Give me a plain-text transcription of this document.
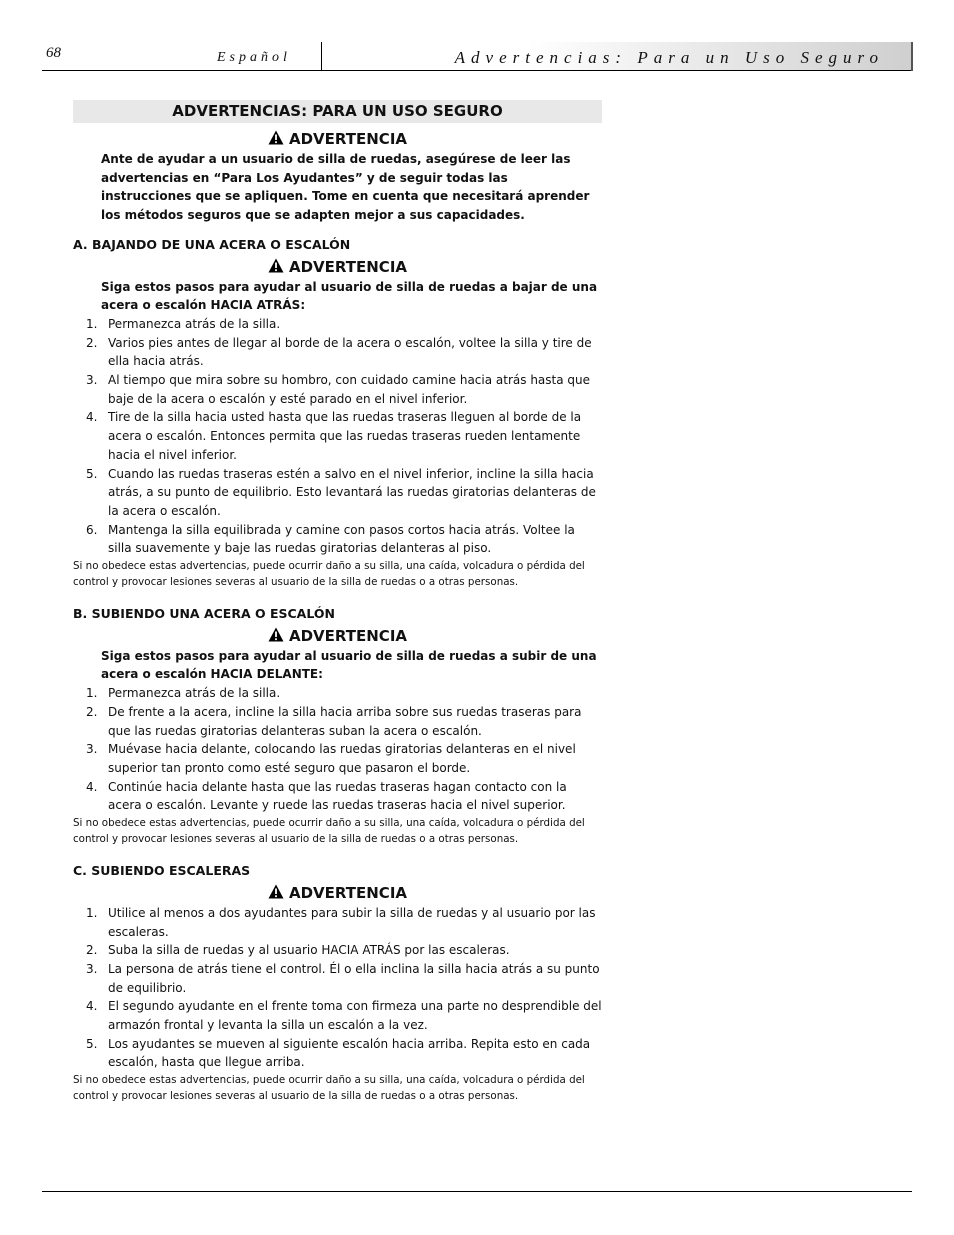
68	Español	Advertencias: Para un Uso Seguro
ADVERTENCIAS: PARA UN USO SEGURO
ADVERTENCIA
Ante de ayudar a un usuario de silla de ruedas, asegúrese de leer las advertencias en “Para Los Ayudantes” y de seguir todas las instrucciones que se apliquen. Tome en cuenta que necesitará aprender los métodos seguros que se adapten mejor a sus capacidades.
A. BAJANDO DE UNA ACERA O ESCALÓN
ADVERTENCIA
Siga estos pasos para ayudar al usuario de silla de ruedas a bajar de una acera o escalón HACIA ATRÁS:
1. Permanezca atrás de la silla.
2. Varios pies antes de llegar al borde de la acera o escalón, voltee la silla y tire de ella hacia atrás.
3. Al tiempo que mira sobre su hombro, con cuidado camine hacia atrás hasta que baje de la acera o escalón y esté parado en el nivel inferior.
4. Tire de la silla hacia usted hasta que las ruedas traseras lleguen al borde de la acera o escalón. Entonces permita que las ruedas traseras rueden lentamente hacia el nivel inferior.
5. Cuando las ruedas traseras estén a salvo en el nivel inferior, incline la silla hacia atrás, a su punto de equilibrio. Esto levantará las ruedas giratorias delanteras de la acera o escalón.
6. Mantenga la silla equilibrada y camine con pasos cortos hacia atrás. Voltee la silla suavemente y baje las ruedas giratorias delanteras al piso.
Si no obedece estas advertencias, puede ocurrir daño a su silla, una caída, volcadura o pérdida del control y provocar lesiones severas al usuario de la silla de ruedas o a otras personas.
B. SUBIENDO UNA ACERA O ESCALÓN
ADVERTENCIA
Siga estos pasos para ayudar al usuario de silla de ruedas a subir de una acera o escalón HACIA DELANTE:
1. Permanezca atrás de la silla.
2. De frente a la acera, incline la silla hacia arriba sobre sus ruedas traseras para que las ruedas giratorias delanteras suban la acera o escalón.
3. Muévase hacia delante, colocando las ruedas giratorias delanteras en el nivel superior tan pronto como esté seguro que pasaron el borde.
4. Continúe hacia delante hasta que las ruedas traseras hagan contacto con la acera o escalón. Levante y ruede las ruedas traseras hacia el nivel superior.
Si no obedece estas advertencias, puede ocurrir daño a su silla, una caída, volcadura o pérdida del control y provocar lesiones severas al usuario de la silla de ruedas o a otras personas.
C. SUBIENDO ESCALERAS
ADVERTENCIA
1. Utilice al menos a dos ayudantes para subir la silla de ruedas y al usuario por las escaleras.
2. Suba la silla de ruedas y al usuario HACIA ATRÁS por las escaleras.
3. La persona de atrás tiene el control. Él o ella inclina la silla hacia atrás a su punto de equilibrio.
4. El segundo ayudante en el frente toma con firmeza una parte no desprendible del armazón frontal y levanta la silla un escalón a la vez.
5. Los ayudantes se mueven al siguiente escalón hacia arriba. Repita esto en cada escalón, hasta que llegue arriba.
Si no obedece estas advertencias, puede ocurrir daño a su silla, una caída, volcadura o pérdida del control y provocar lesiones severas al usuario de la silla de ruedas o a otras personas.
